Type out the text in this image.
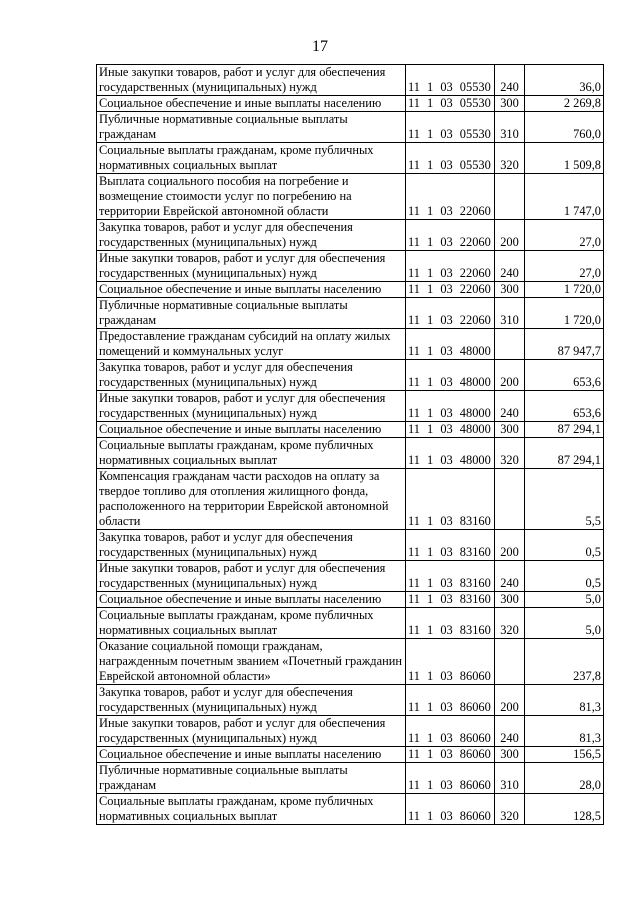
17
Иные закупки товаров, работ и услуг для обеспечения государственных (муниципальных) нужд	11 1 03 05530	240	36,0
Социальное обеспечение и иные выплаты населению	11 1 03 05530	300	2 269,8
Публичные нормативные социальные выплаты гражданам	11 1 03 05530	310	760,0
Социальные выплаты гражданам, кроме публичных нормативных социальных выплат	11 1 03 05530	320	1 509,8
Выплата социального пособия на погребение и возмещение стоимости услуг по погребению на территории Еврейской автономной области	11 1 03 22060		1 747,0
Закупка товаров, работ и услуг для обеспечения государственных (муниципальных) нужд	11 1 03 22060	200	27,0
Иные закупки товаров, работ и услуг для обеспечения государственных (муниципальных) нужд	11 1 03 22060	240	27,0
Социальное обеспечение и иные выплаты населению	11 1 03 22060	300	1 720,0
Публичные нормативные социальные выплаты гражданам	11 1 03 22060	310	1 720,0
Предоставление гражданам субсидий на оплату жилых помещений и коммунальных услуг	11 1 03 48000		87 947,7
Закупка товаров, работ и услуг для обеспечения государственных (муниципальных) нужд	11 1 03 48000	200	653,6
Иные закупки товаров, работ и услуг для обеспечения государственных (муниципальных) нужд	11 1 03 48000	240	653,6
Социальное обеспечение и иные выплаты населению	11 1 03 48000	300	87 294,1
Социальные выплаты гражданам, кроме публичных нормативных социальных выплат	11 1 03 48000	320	87 294,1
Компенсация гражданам части расходов на оплату за твердое топливо для отопления жилищного фонда, расположенного на территории Еврейской автономной области	11 1 03 83160		5,5
Закупка товаров, работ и услуг для обеспечения государственных (муниципальных) нужд	11 1 03 83160	200	0,5
Иные закупки товаров, работ и услуг для обеспечения государственных (муниципальных) нужд	11 1 03 83160	240	0,5
Социальное обеспечение и иные выплаты населению	11 1 03 83160	300	5,0
Социальные выплаты гражданам, кроме публичных нормативных социальных выплат	11 1 03 83160	320	5,0
Оказание социальной помощи гражданам, награжденным почетным званием «Почетный гражданин Еврейской автономной области»	11 1 03 86060		237,8
Закупка товаров, работ и услуг для обеспечения государственных (муниципальных) нужд	11 1 03 86060	200	81,3
Иные закупки товаров, работ и услуг для обеспечения государственных (муниципальных) нужд	11 1 03 86060	240	81,3
Социальное обеспечение и иные выплаты населению	11 1 03 86060	300	156,5
Публичные нормативные социальные выплаты гражданам	11 1 03 86060	310	28,0
Социальные выплаты гражданам, кроме публичных нормативных социальных выплат	11 1 03 86060	320	128,5
